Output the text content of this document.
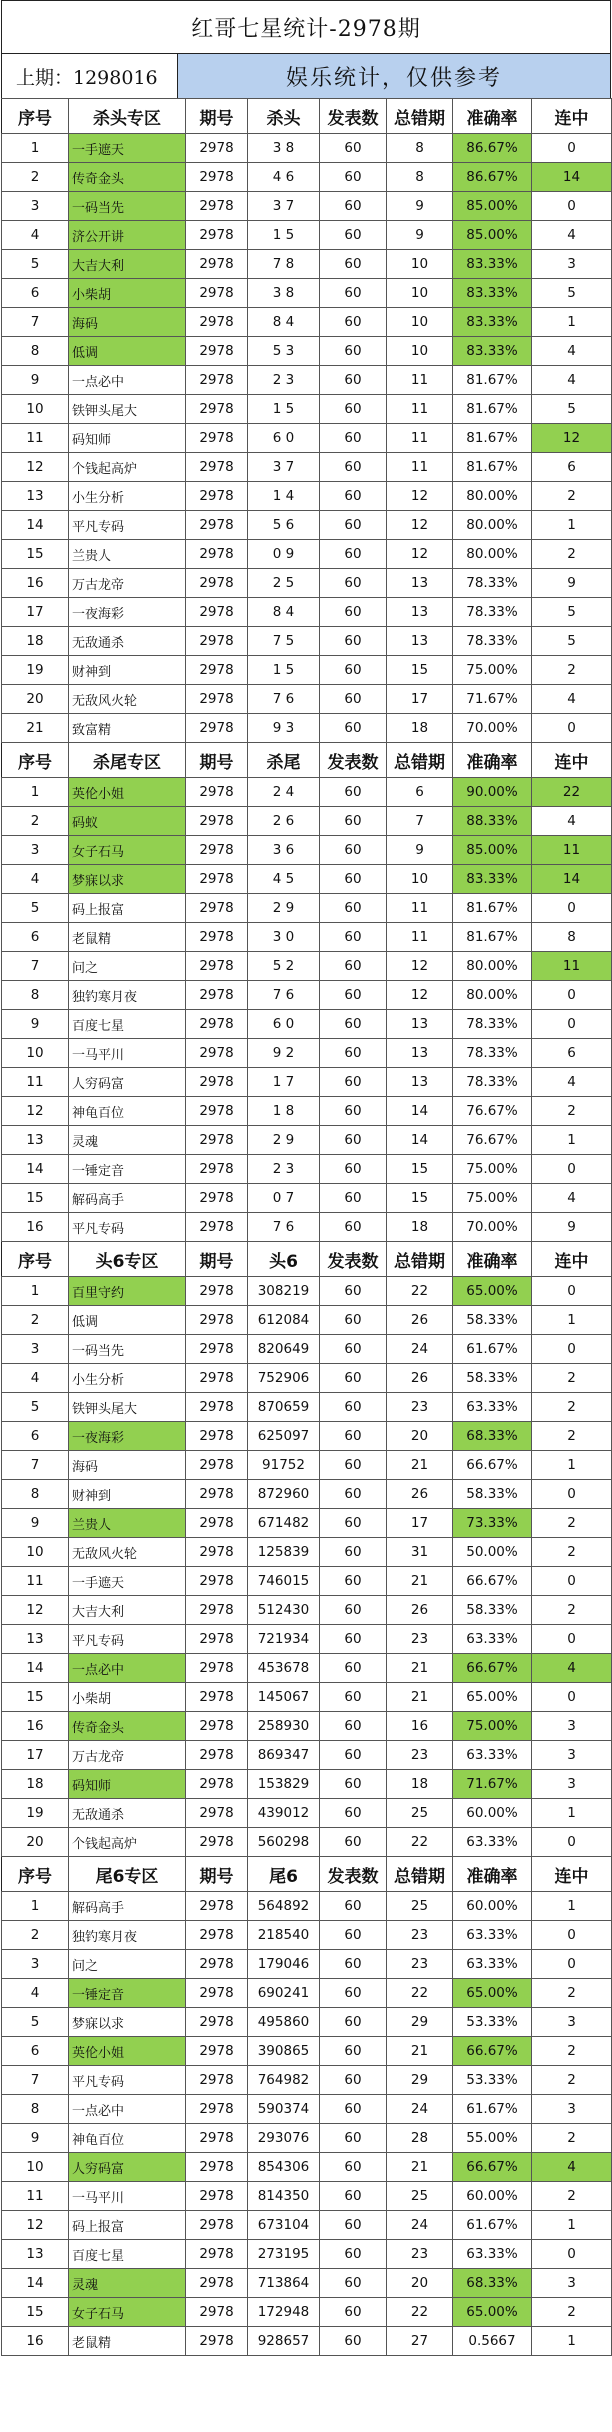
红哥七星统计-2978期
上期：1298016	娱乐统计，仅供参考
序号	杀头专区	期号	杀头	发表数	总错期	准确率	连中
1	一手遮天	2978	3 8	60	8	86.67%	0
2	传奇金头	2978	4 6	60	8	86.67%	14
3	一码当先	2978	3 7	60	9	85.00%	0
4	济公开讲	2978	1 5	60	9	85.00%	4
5	大吉大利	2978	7 8	60	10	83.33%	3
6	小柴胡	2978	3 8	60	10	83.33%	5
7	海码	2978	8 4	60	10	83.33%	1
8	低调	2978	5 3	60	10	83.33%	4
9	一点必中	2978	2 3	60	11	81.67%	4
10	铁钾头尾大	2978	1 5	60	11	81.67%	5
11	码知师	2978	6 0	60	11	81.67%	12
12	个钱起高炉	2978	3 7	60	11	81.67%	6
13	小生分析	2978	1 4	60	12	80.00%	2
14	平凡专码	2978	5 6	60	12	80.00%	1
15	兰贵人	2978	0 9	60	12	80.00%	2
16	万古龙帝	2978	2 5	60	13	78.33%	9
17	一夜海彩	2978	8 4	60	13	78.33%	5
18	无敌通杀	2978	7 5	60	13	78.33%	5
19	财神到	2978	1 5	60	15	75.00%	2
20	无敌风火轮	2978	7 6	60	17	71.67%	4
21	致富精	2978	9 3	60	18	70.00%	0
序号	杀尾专区	期号	杀尾	发表数	总错期	准确率	连中
1	英伦小姐	2978	2 4	60	6	90.00%	22
2	码蚁	2978	2 6	60	7	88.33%	4
3	女子石马	2978	3 6	60	9	85.00%	11
4	梦寐以求	2978	4 5	60	10	83.33%	14
5	码上报富	2978	2 9	60	11	81.67%	0
6	老鼠精	2978	3 0	60	11	81.67%	8
7	问之	2978	5 2	60	12	80.00%	11
8	独钓寒月夜	2978	7 6	60	12	80.00%	0
9	百度七星	2978	6 0	60	13	78.33%	0
10	一马平川	2978	9 2	60	13	78.33%	6
11	人穷码富	2978	1 7	60	13	78.33%	4
12	神龟百位	2978	1 8	60	14	76.67%	2
13	灵魂	2978	2 9	60	14	76.67%	1
14	一锤定音	2978	2 3	60	15	75.00%	0
15	解码高手	2978	0 7	60	15	75.00%	4
16	平凡专码	2978	7 6	60	18	70.00%	9
序号	头6专区	期号	头6	发表数	总错期	准确率	连中
1	百里守约	2978	308219	60	22	65.00%	0
2	低调	2978	612084	60	26	58.33%	1
3	一码当先	2978	820649	60	24	61.67%	0
4	小生分析	2978	752906	60	26	58.33%	2
5	铁钾头尾大	2978	870659	60	23	63.33%	2
6	一夜海彩	2978	625097	60	20	68.33%	2
7	海码	2978	91752	60	21	66.67%	1
8	财神到	2978	872960	60	26	58.33%	0
9	兰贵人	2978	671482	60	17	73.33%	2
10	无敌风火轮	2978	125839	60	31	50.00%	2
11	一手遮天	2978	746015	60	21	66.67%	0
12	大吉大利	2978	512430	60	26	58.33%	2
13	平凡专码	2978	721934	60	23	63.33%	0
14	一点必中	2978	453678	60	21	66.67%	4
15	小柴胡	2978	145067	60	21	65.00%	0
16	传奇金头	2978	258930	60	16	75.00%	3
17	万古龙帝	2978	869347	60	23	63.33%	3
18	码知师	2978	153829	60	18	71.67%	3
19	无敌通杀	2978	439012	60	25	60.00%	1
20	个钱起高炉	2978	560298	60	22	63.33%	0
序号	尾6专区	期号	尾6	发表数	总错期	准确率	连中
1	解码高手	2978	564892	60	25	60.00%	1
2	独钓寒月夜	2978	218540	60	23	63.33%	0
3	问之	2978	179046	60	23	63.33%	0
4	一锤定音	2978	690241	60	22	65.00%	2
5	梦寐以求	2978	495860	60	29	53.33%	3
6	英伦小姐	2978	390865	60	21	66.67%	2
7	平凡专码	2978	764982	60	29	53.33%	2
8	一点必中	2978	590374	60	24	61.67%	3
9	神龟百位	2978	293076	60	28	55.00%	2
10	人穷码富	2978	854306	60	21	66.67%	4
11	一马平川	2978	814350	60	25	60.00%	2
12	码上报富	2978	673104	60	24	61.67%	1
13	百度七星	2978	273195	60	23	63.33%	0
14	灵魂	2978	713864	60	20	68.33%	3
15	女子石马	2978	172948	60	22	65.00%	2
16	老鼠精	2978	928657	60	27	0.5667	1
